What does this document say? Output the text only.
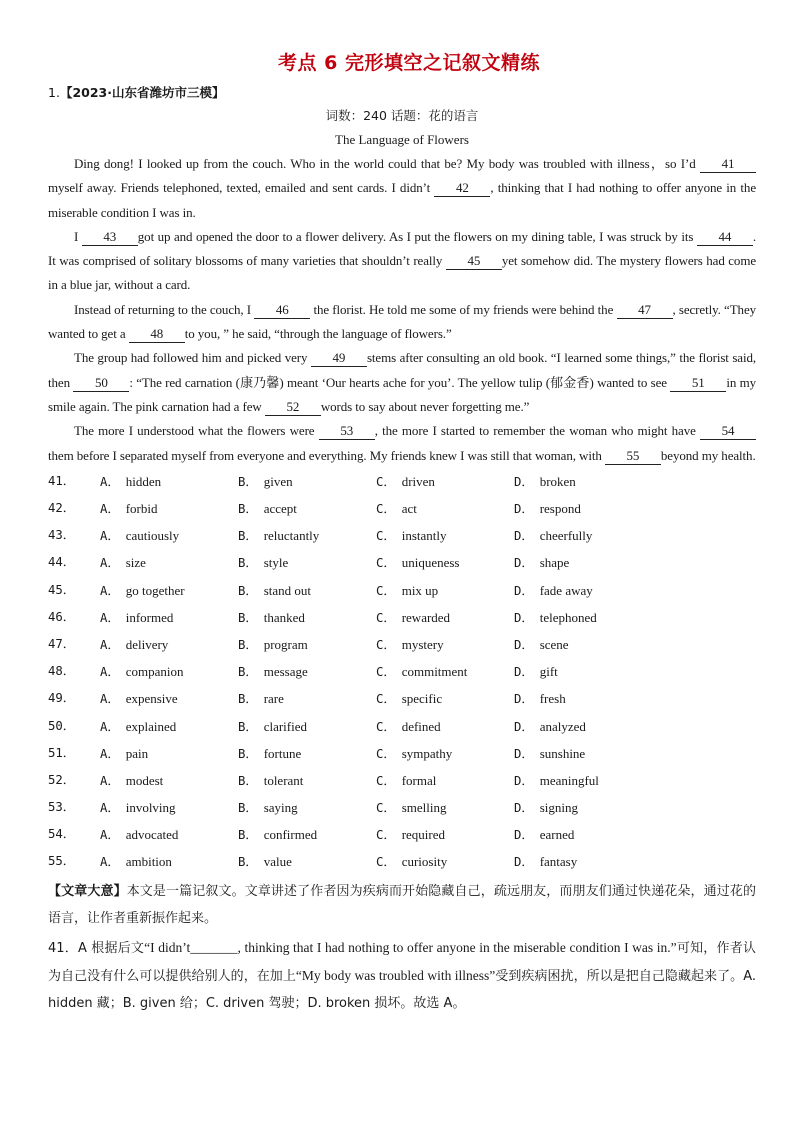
考点 6 完形填空之记叙文精练
1.【2023·山东省潍坊市三模】
词数：240 话题：花的语言
The Language of Flowers

Ding dong! I looked up from the couch. Who in the world could that be? My body was troubled with illness，so I’d 41myself away. Friends telephoned, texted, emailed and sent cards. I didn’t 42 , thinking that I had nothing to offer anyone in the miserable condition I was in.

I 43 got up and opened the door to a flower delivery. As I put the flowers on my dining table, I was struck by its 44 . It was comprised of solitary blossoms of many varieties that shouldn’t really 45 yet somehow did. The mystery flowers had come in a blue jar, without a card.

Instead of returning to the couch, I 46 the florist. He told me some of my friends were behind the 47 , secretly. “They wanted to get a 48 to you, ” he said, “through the language of flowers.”

The group had followed him and picked very 49 stems after consulting an old book. “I learned some things,” the florist said, then 50 : “The red carnation (康乃馨) meant ‘Our hearts ache for you’. The yellow tulip (郁金香) wanted to see 51 in my smile again. The pink carnation had a few 52 words to say about never forgetting me.”

The more I understood what the flowers were 53 , the more I started to remember the woman who might have 54them before I separated myself from everyone and everything. My friends knew I was still that woman, with 55 beyond my health.

41．	A． hidden	B． given	C． driven	D． broken
42．	A． forbid	B． accept	C． act	D． respond
43．	A． cautiously	B． reluctantly	C． instantly	D． cheerfully
44．	A． size	B． style	C． uniqueness	D． shape
45．	A． go together	B． stand out	C． mix up	D． fade away
46．	A． informed	B． thanked	C． rewarded	D． telephoned
47．	A． delivery	B． program	C． mystery	D． scene
48．	A． companion	B． message	C． commitment	D． gift
49．	A． expensive	B． rare	C． specific	D． fresh
50．	A． explained	B． clarified	C． defined	D． analyzed
51．	A． pain	B． fortune	C． sympathy	D． sunshine
52．	A． modest	B． tolerant	C． formal	D． meaningful
53．	A． involving	B． saying	C． smelling	D． signing
54．	A． advocated	B． confirmed	C． required	D． earned
55．	A． ambition	B． value	C． curiosity	D． fantasy
【文章大意】本文是一篇记叙文。文章讲述了作者因为疾病而开始隐藏自己，疏远朋友，而朋友们通过快递花朵，通过花的语言，让作者重新振作起来。
41．A 根据后文“I didn’t_______, thinking that I had nothing to offer anyone in the miserable condition I was in.”可知，作者认为自己没有什么可以提供给别人的，在加上“My body was troubled with illness”受到疾病困扰，所以是把自己隐藏起来了。A. hidden 藏；B. given 给；C. driven 驾驶；D. broken 损坏。故选 A。
